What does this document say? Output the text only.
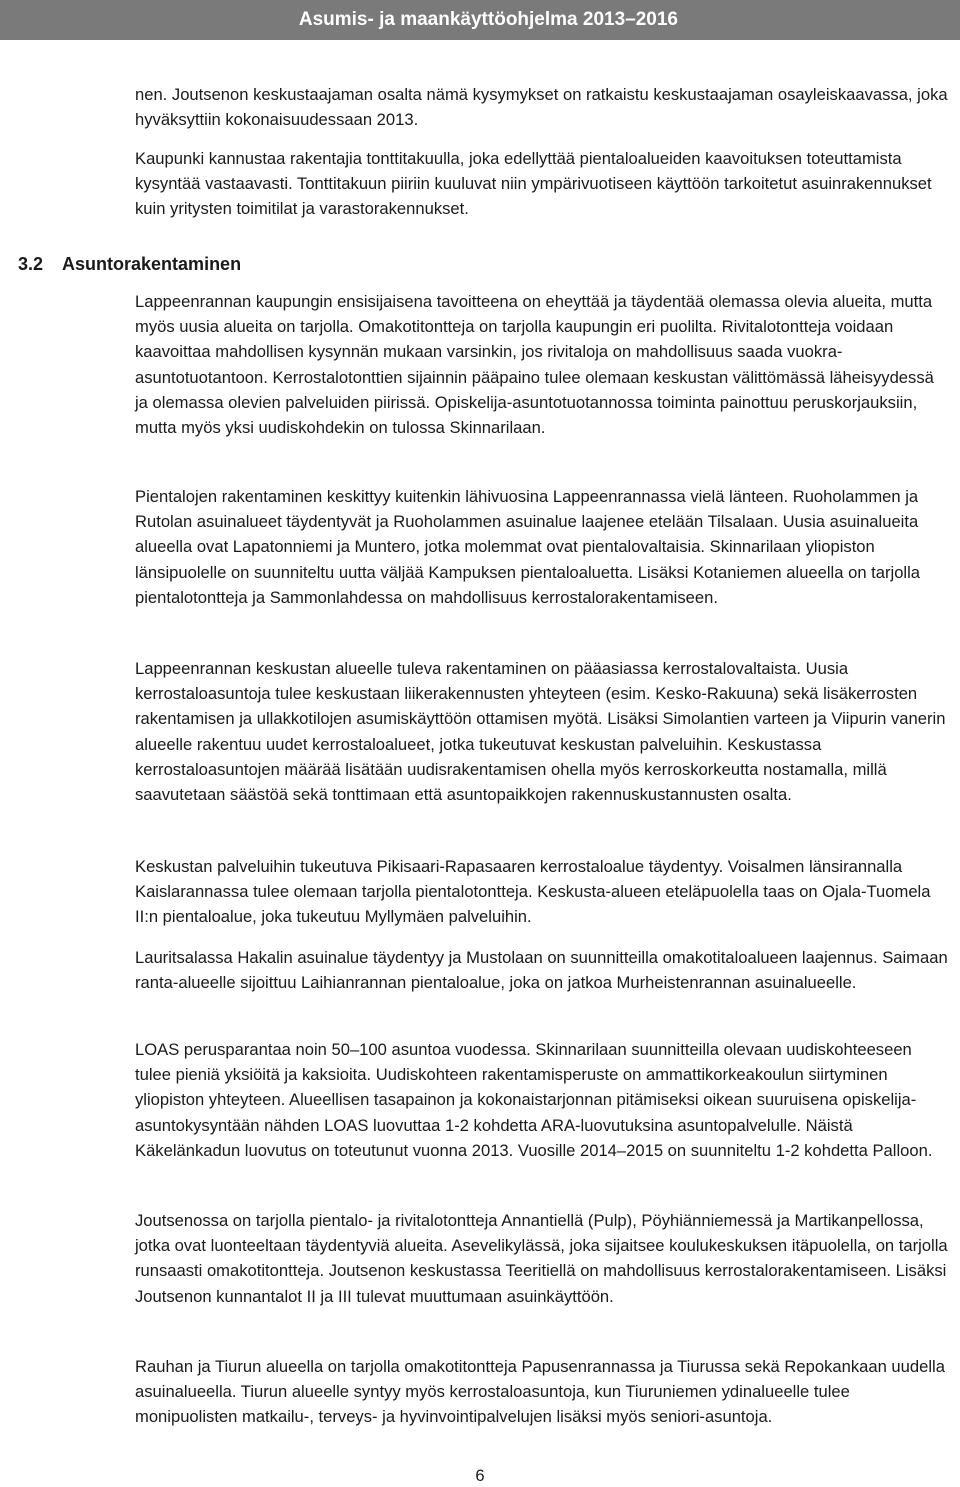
Asumis- ja maankäyttöohjelma 2013–2016

nen. Joutsenon keskustaajaman osalta nämä kysymykset on ratkaistu keskustaajaman osayleiskaavassa, joka hyväksyttiin kokonaisuudessaan 2013.

Kaupunki kannustaa rakentajia tonttitakuulla, joka edellyttää pientaloalueiden kaavoituksen toteuttamista kysyntää vastaavasti. Tonttitakuun piiriin kuuluvat niin ympärivuotiseen käyttöön tarkoitetut asuinrakennukset kuin yritysten toimitilat ja varastorakennukset.

3.2 Asuntorakentaminen

Lappeenrannan kaupungin ensisijaisena tavoitteena on eheyttää ja täydentää olemassa olevia alueita, mutta myös uusia alueita on tarjolla. Omakotitontteja on tarjolla kaupungin eri puolilta. Rivitalotontteja voidaan kaavoittaa mahdollisen kysynnän mukaan varsinkin, jos rivitaloja on mahdollisuus saada vuokra-asuntotuotantoon. Kerrostalotonttien sijainnin pääpaino tulee olemaan keskustan välittömässä läheisyydessä ja olemassa olevien palveluiden piirissä. Opiskelija-asuntotuotannossa toiminta painottuu peruskorjauksiin, mutta myös yksi uudiskohdekin on tulossa Skinnarilaan.

Pientalojen rakentaminen keskittyy kuitenkin lähivuosina Lappeenrannassa vielä länteen. Ruoholammen ja Rutolan asuinalueet täydentyvät ja Ruoholammen asuinalue laajenee etelään Tilsalaan. Uusia asuinalueita alueella ovat Lapatonniemi ja Muntero, jotka molemmat ovat pientalovaltaisia. Skinnarilaan yliopiston länsipuolelle on suunniteltu uutta väljää Kampuksen pientaloaluetta. Lisäksi Kotaniemen alueella on tarjolla pientalotontteja ja Sammonlahdessa on mahdollisuus kerrostalorakentamiseen.

Lappeenrannan keskustan alueelle tuleva rakentaminen on pääasiassa kerrostalovaltaista. Uusia kerrostaloasuntoja tulee keskustaan liikerakennusten yhteyteen (esim. Kesko-Rakuuna) sekä lisäkerrosten rakentamisen ja ullakkotilojen asumiskäyttöön ottamisen myötä. Lisäksi Simolantien varteen ja Viipurin vanerin alueelle rakentuu uudet kerrostaloalueet, jotka tukeutuvat keskustan palveluihin. Keskustassa kerrostaloasuntojen määrää lisätään uudisrakentamisen ohella myös kerroskorkeutta nostamalla, millä saavutetaan säästöä sekä tonttimaan että asuntopaikkojen rakennuskustannusten osalta.

Keskustan palveluihin tukeutuva Pikisaari-Rapasaaren kerrostaloalue täydentyy. Voisalmen länsirannalla Kaislarannassa tulee olemaan tarjolla pientalotontteja. Keskusta-alueen eteläpuolella taas on Ojala-Tuomela II:n pientaloalue, joka tukeutuu Myllymäen palveluihin.

Lauritsalassa Hakalin asuinalue täydentyy ja Mustolaan on suunnitteilla omakotitaloalueen laajennus. Saimaan ranta-alueelle sijoittuu Laihianrannan pientaloalue, joka on jatkoa Murheistenrannan asuinalueelle.

LOAS perusparantaa noin 50–100 asuntoa vuodessa. Skinnarilaan suunnitteilla olevaan uudiskohteeseen tulee pieniä yksiöitä ja kaksioita. Uudiskohteen rakentamisperuste on ammattikorkeakoulun siirtyminen yliopiston yhteyteen. Alueellisen tasapainon ja kokonaistarjonnan pitämiseksi oikean suuruisena opiskelija-asuntokysyntään nähden LOAS luovuttaa 1-2 kohdetta ARA-luovutuksina asuntopalvelulle. Näistä Käkelänkadun luovutus on toteutunut vuonna 2013. Vuosille 2014–2015 on suunniteltu 1-2 kohdetta Palloon.

Joutsenossa on tarjolla pientalo- ja rivitalotontteja Annantiellä (Pulp), Pöyhiänniemessä ja Martikanpellossa, jotka ovat luonteeltaan täydentyviä alueita. Asevelikylässä, joka sijaitsee koulukeskuksen itäpuolella, on tarjolla runsaasti omakotitontteja. Joutsenon keskustassa Teeritiellä on mahdollisuus kerrostalorakentamiseen. Lisäksi Joutsenon kunnantalot II ja III tulevat muuttumaan asuinkäyttöön.

Rauhan ja Tiurun alueella on tarjolla omakotitontteja Papusenrannassa ja Tiurussa sekä Repokankaan uudella asuinalueella. Tiurun alueelle syntyy myös kerrostaloasuntoja, kun Tiuruniemen ydinalueelle tulee monipuolisten matkailu-, terveys- ja hyvinvointipalvelujen lisäksi myös seniori-asuntoja.

6
